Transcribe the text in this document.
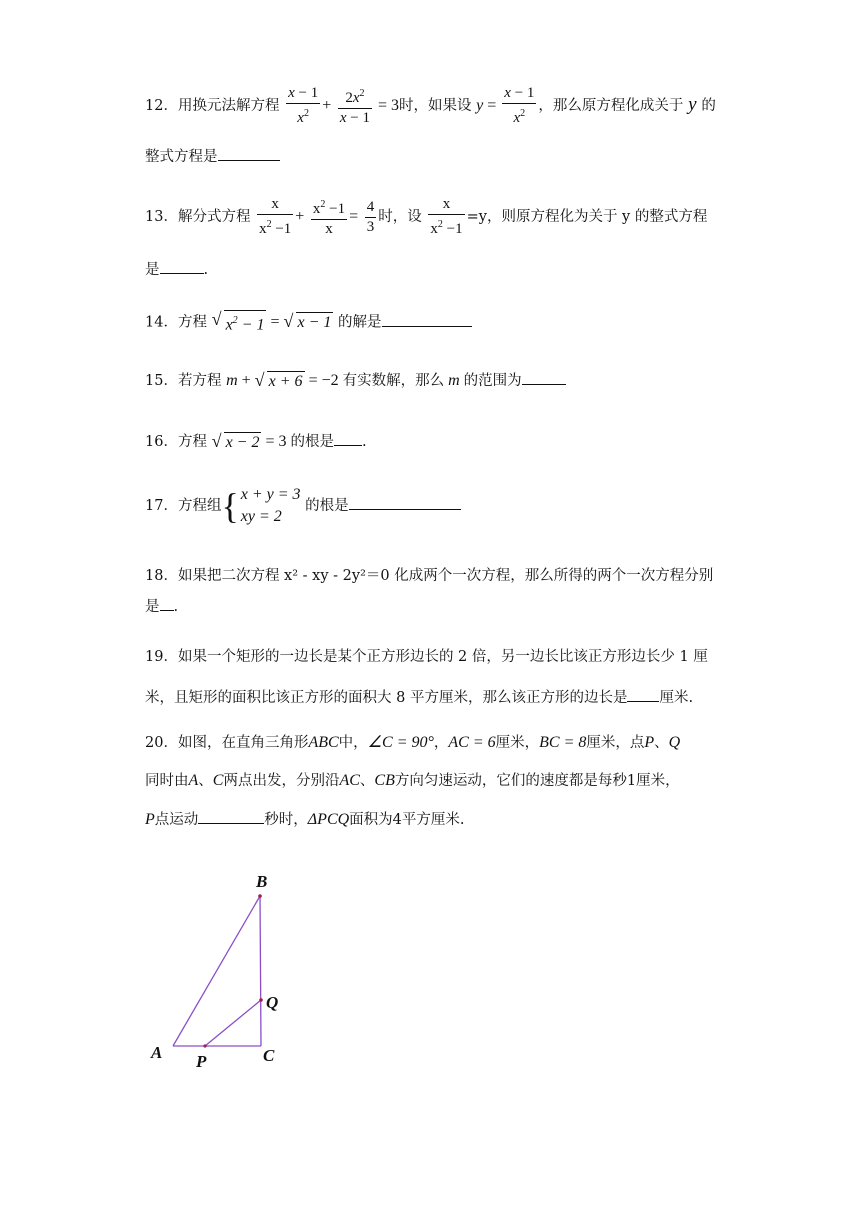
12．用换元法解方程 $\frac{x - 1}{x^2} + \frac{2x^2}{x - 1} = 3$时，如果设 $y = \frac{x - 1}{x^2}$ ，那么原方程化成关于 y 的
整式方程是
13．解分式方程 $\frac{x}{x^2 -1} + \frac{x^2 -1}{x} = \frac{4}{3}$ 时，设 $\frac{x}{x^2 -1} =y$，则原方程化为关于 y 的整式方程
是	.
14．方程 √ $x^2 - 1$ = √ x − 1 的解是
15．若方程 m + √ x + 6 = −2 有实数解，那么 m 的范围为
16．方程 √ x − 2 = 3 的根是 .
17．方程组{ x + y = 3
xy = 2
的根是
18．如果把二次方程 x² - xy - 2y²＝0 化成两个一次方程，那么所得的两个一次方程分别
是 .
19．如果一个矩形的一边长是某个正方形边长的 2 倍，另一边长比该正方形边长少 1 厘
米，且矩形的面积比该正方形的面积大 8 平方厘米，那么该正方形的边长是 厘米.
20．如图，在直角三角形ABC中，∠C = 90°，AC = 6厘米，BC = 8厘米，点P、Q
同时由A、C两点出发，分别沿AC、CB方向匀速运动，它们的速度都是每秒1厘米，
P点运动	秒时，ΔPCQ面积为4平方厘米.
B
Q
A P	C
